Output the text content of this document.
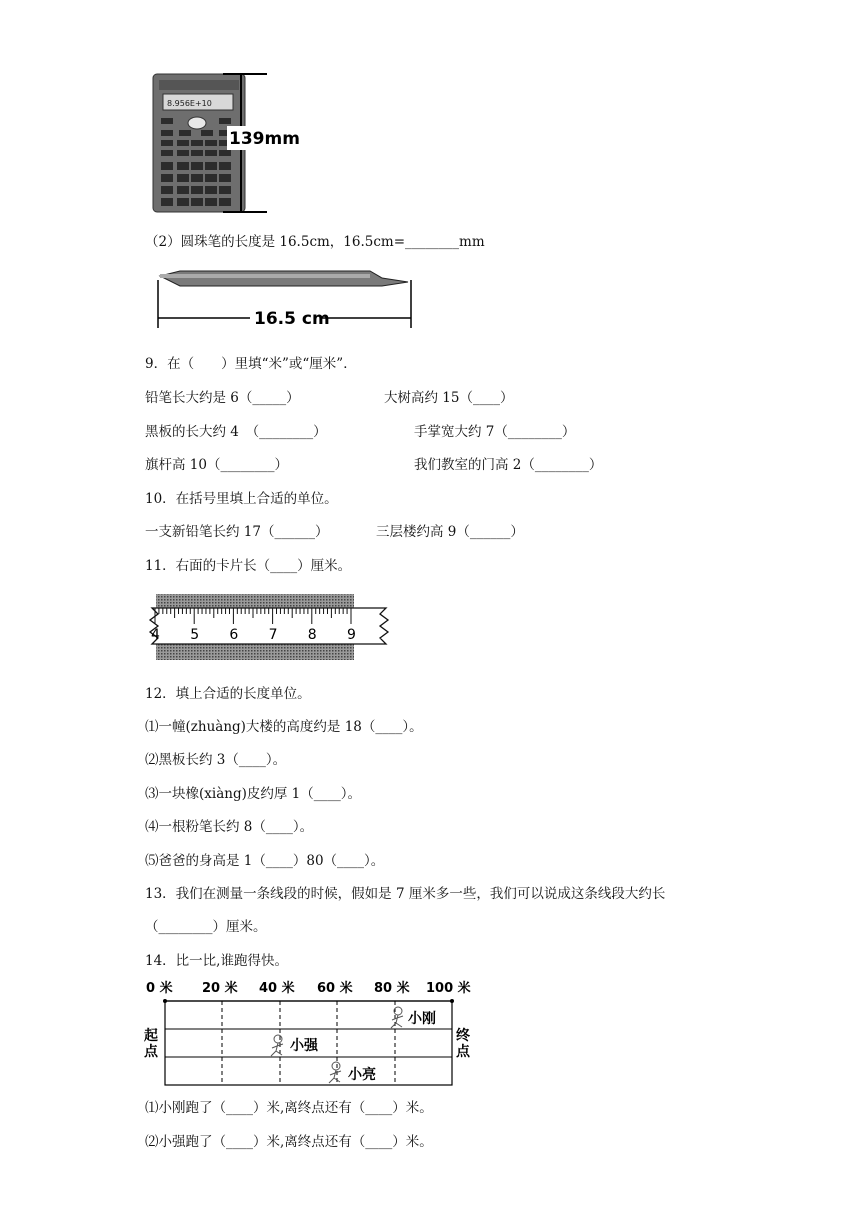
8.956E+10
139mm
（2）圆珠笔的长度是 16.5cm，16.5cm=________mm
16.5 cm
9．在（　　）里填“米”或“厘米”．
铅笔长大约是 6（_____）	大树高约 15（____）
黑板的长大约 4　（________）	手掌宽大约 7（________）
旗杆高 10（________）	我们教室的门高 2（________）
10．在括号里填上合适的单位。
一支新铅笔长约 17（______）	三层楼约高 9（______）
11．右面的卡片长（____）厘米。
4 5 6 7 8 9
12．填上合适的长度单位。
⑴一幢(zhuàng)大楼的高度约是 18（____）。
⑵黑板长约 3（____）。
⑶一块橡(xiàng)皮约厚 1（____）。
⑷一根粉笔长约 8（____）。
⑸爸爸的身高是 1（____）80（____）。
13．我们在测量一条线段的时候，假如是 7 厘米多一些，我们可以说成这条线段大约长
（________）厘米。
14．比一比,谁跑得快。
0 米 20 米 40 米 60 米 80 米 100 米
起
点
终
点
小刚
小强
小亮
⑴小刚跑了（____）米,离终点还有（____）米。
⑵小强跑了（____）米,离终点还有（____）米。
